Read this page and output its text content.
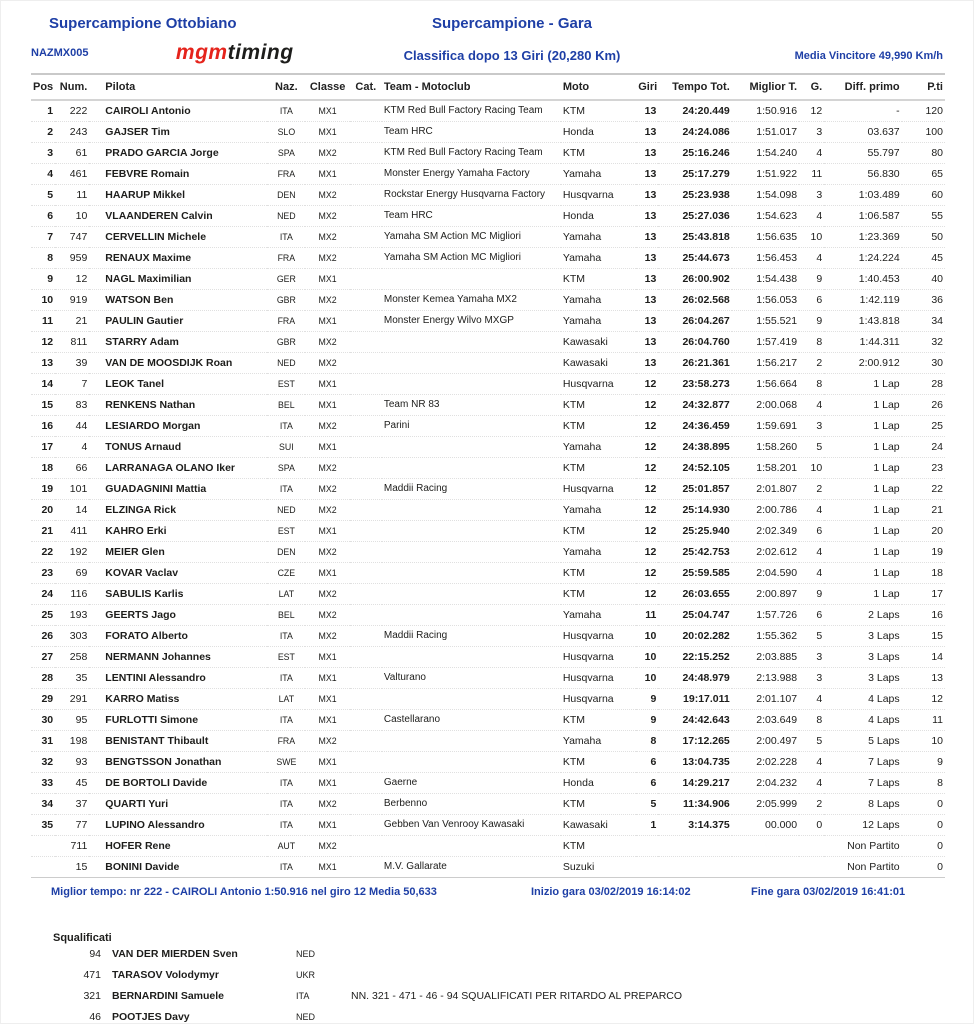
Supercampione Ottobiano	Supercampione - Gara
NAZMX005	mgmtiming	Classifica dopo 13 Giri (20,280 Km)	Media Vincitore 49,990 Km/h
Pos	Num.	Pilota	Naz.	Classe	Cat.	Team - Motoclub	Moto	Giri	Tempo Tot.	Miglior T.	G.	Diff. primo	P.ti
1	222	CAIROLI Antonio	ITA	MX1		KTM Red Bull Factory Racing Team	KTM	13	24:20.449	1:50.916	12	-	120
2	243	GAJSER Tim	SLO	MX1		Team HRC	Honda	13	24:24.086	1:51.017	3	03.637	100
3	61	PRADO GARCIA Jorge	SPA	MX2		KTM Red Bull Factory Racing Team	KTM	13	25:16.246	1:54.240	4	55.797	80
4	461	FEBVRE Romain	FRA	MX1		Monster Energy Yamaha Factory	Yamaha	13	25:17.279	1:51.922	11	56.830	65
5	11	HAARUP Mikkel	DEN	MX2		Rockstar Energy Husqvarna Factory	Husqvarna	13	25:23.938	1:54.098	3	1:03.489	60
6	10	VLAANDEREN Calvin	NED	MX2		Team HRC	Honda	13	25:27.036	1:54.623	4	1:06.587	55
7	747	CERVELLIN Michele	ITA	MX2		Yamaha SM Action MC Migliori	Yamaha	13	25:43.818	1:56.635	10	1:23.369	50
8	959	RENAUX Maxime	FRA	MX2		Yamaha SM Action MC Migliori	Yamaha	13	25:44.673	1:56.453	4	1:24.224	45
9	12	NAGL Maximilian	GER	MX1			KTM	13	26:00.902	1:54.438	9	1:40.453	40
10	919	WATSON Ben	GBR	MX2		Monster Kemea Yamaha MX2	Yamaha	13	26:02.568	1:56.053	6	1:42.119	36
11	21	PAULIN Gautier	FRA	MX1		Monster Energy Wilvo MXGP	Yamaha	13	26:04.267	1:55.521	9	1:43.818	34
12	811	STARRY Adam	GBR	MX2			Kawasaki	13	26:04.760	1:57.419	8	1:44.311	32
13	39	VAN DE MOOSDIJK Roan	NED	MX2			Kawasaki	13	26:21.361	1:56.217	2	2:00.912	30
14	7	LEOK Tanel	EST	MX1			Husqvarna	12	23:58.273	1:56.664	8	1 Lap	28
15	83	RENKENS Nathan	BEL	MX1		Team NR 83	KTM	12	24:32.877	2:00.068	4	1 Lap	26
16	44	LESIARDO Morgan	ITA	MX2		Parini	KTM	12	24:36.459	1:59.691	3	1 Lap	25
17	4	TONUS Arnaud	SUI	MX1			Yamaha	12	24:38.895	1:58.260	5	1 Lap	24
18	66	LARRANAGA OLANO Iker	SPA	MX2			KTM	12	24:52.105	1:58.201	10	1 Lap	23
19	101	GUADAGNINI Mattia	ITA	MX2		Maddii Racing	Husqvarna	12	25:01.857	2:01.807	2	1 Lap	22
20	14	ELZINGA Rick	NED	MX2			Yamaha	12	25:14.930	2:00.786	4	1 Lap	21
21	411	KAHRO Erki	EST	MX1			KTM	12	25:25.940	2:02.349	6	1 Lap	20
22	192	MEIER Glen	DEN	MX2			Yamaha	12	25:42.753	2:02.612	4	1 Lap	19
23	69	KOVAR Vaclav	CZE	MX1			KTM	12	25:59.585	2:04.590	4	1 Lap	18
24	116	SABULIS Karlis	LAT	MX2			KTM	12	26:03.655	2:00.897	9	1 Lap	17
25	193	GEERTS Jago	BEL	MX2			Yamaha	11	25:04.747	1:57.726	6	2 Laps	16
26	303	FORATO Alberto	ITA	MX2		Maddii Racing	Husqvarna	10	20:02.282	1:55.362	5	3 Laps	15
27	258	NERMANN Johannes	EST	MX1			Husqvarna	10	22:15.252	2:03.885	3	3 Laps	14
28	35	LENTINI Alessandro	ITA	MX1		Valturano	Husqvarna	10	24:48.979	2:13.988	3	3 Laps	13
29	291	KARRO Matiss	LAT	MX1			Husqvarna	9	19:17.011	2:01.107	4	4 Laps	12
30	95	FURLOTTI Simone	ITA	MX1		Castellarano	KTM	9	24:42.643	2:03.649	8	4 Laps	11
31	198	BENISTANT Thibault	FRA	MX2			Yamaha	8	17:12.265	2:00.497	5	5 Laps	10
32	93	BENGTSSON Jonathan	SWE	MX1			KTM	6	13:04.735	2:02.228	4	7 Laps	9
33	45	DE BORTOLI Davide	ITA	MX1		Gaerne	Honda	6	14:29.217	2:04.232	4	7 Laps	8
34	37	QUARTI Yuri	ITA	MX2		Berbenno	KTM	5	11:34.906	2:05.999	2	8 Laps	0
35	77	LUPINO Alessandro	ITA	MX1		Gebben Van Venrooy Kawasaki	Kawasaki	1	3:14.375	00.000	0	12 Laps	0
	711	HOFER Rene	AUT	MX2			KTM					Non Partito	0
	15	BONINI Davide	ITA	MX1		M.V. Gallarate	Suzuki					Non Partito	0
Miglior tempo: nr 222 - CAIROLI Antonio 1:50.916 nel giro 12 Media 50,633	Inizio gara 03/02/2019 16:14:02	Fine gara 03/02/2019 16:41:01
Squalificati
94	VAN DER MIERDEN Sven	NED
471	TARASOV Volodymyr	UKR
321	BERNARDINI Samuele	ITA	NN. 321 - 471 - 46 - 94 SQUALIFICATI PER RITARDO AL PREPARCO
46	POOTJES Davy	NED
